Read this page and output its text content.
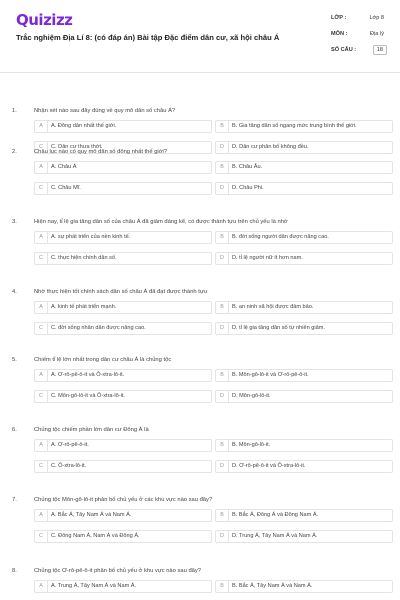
Quizizz
Trắc nghiệm Địa Lí 8: (có đáp án) Bài tập Đặc điểm dân cư, xã hội châu Á
LỚP :	Lớp 8
MÔN :	Địa lý
SỐ CÂU :	18
1.	Nhận xét nào sau đây đúng về quy mô dân số châu Á?
A	A. Đông dân nhất thế giới.	B	B. Gia tăng dân số ngang mức trung bình thế giới.
C	C. Dân cư thưa thớt.	D	D. Dân cư phân bố không đều.
2.	Châu lục nào có quy mô dân số đông nhất thế giới?
A	A. Châu Á	B	B. Châu Âu.
C	C. Châu Mĩ.	D	D. Châu Phi.
3.	Hiện nay, tỉ lệ gia tăng dân số của châu Á đã giảm đáng kể, có được thành tựu trên chủ yếu là nhờ
A	A. sự phát triển của nền kinh tế.	B	B. đời sống người dân được nâng cao.
C	C. thực hiện chính dân số.	D	D. tỉ lệ người nữ ít hơn nam.
4.	Nhờ thực hiện tốt chính sách dân số châu Á đã đạt được thành tựu
A	A. kinh tế phát triển mạnh.	B	B. an ninh xã hội được đảm bảo.
C	C. đời sống nhân dân được nâng cao.	D	D. tỉ lệ gia tăng dân số tự nhiên giảm.
5.	Chiếm tỉ lệ lớn nhất trong dân cư châu Á là chủng tộc
A	A. Ơ-rô-pê-ô-it và Ô-xtra-lô-it.	B	B. Môn-gô-lô-it và Ơ-rô-pê-ô-it.
C	C. Môn-gô-lô-it và Ô-xtra-lô-it.	D	D. Môn-gô-lô-it.
6.	Chủng tộc chiếm phần lớn dân cư Đông Á là
A	A. Ơ-rô-pê-ô-it.	B	B. Môn-gô-lô-it.
C	C. Ô-xtra-lô-it.	D	D. Ơ-rô-pê-ô-it và Ô-xtra-lô-it.
7.	Chủng tộc Môn-gô-lô-it phân bố chủ yếu ở các khu vực nào sau đây?
A	A. Bắc Á, Tây Nam Á và Nam Á.	B	B. Bắc Á, Đông Á và Đông Nam Á.
C	C. Đông Nam Á, Nam Á và Đông Á.	D	D. Trung Á, Tây Nam Á và Nam Á.
8.	Chủng tộc Ơ-rô-pê-ô-it phân bố chủ yếu ở khu vực nào sau đây?
A	A. Trung Á, Tây Nam Á và Nam Á.	B	B. Bắc Á, Tây Nam Á và Nam Á.
